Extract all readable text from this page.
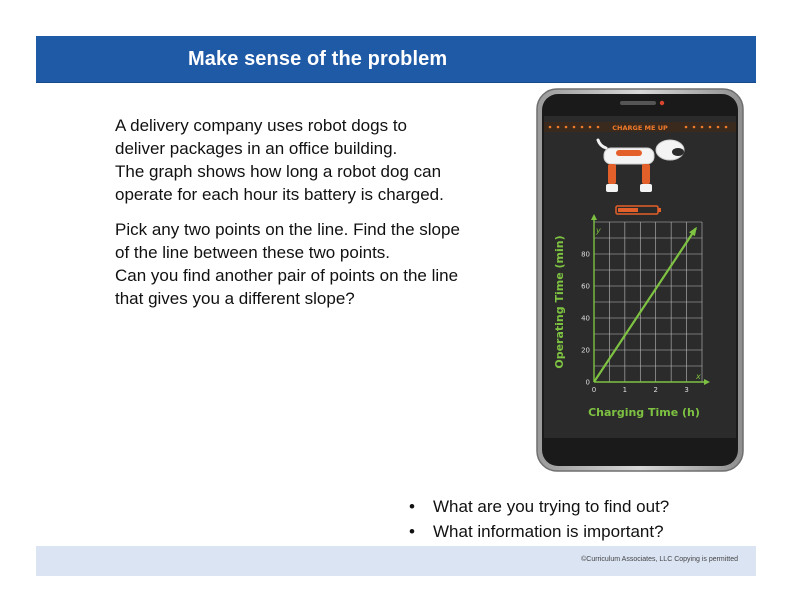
Make sense of the problem

A delivery company uses robot dogs to
deliver packages in an office building.
The graph shows how long a robot dog can
operate for each hour its battery is charged.

Pick any two points on the line. Find the slope
of the line between these two points.
Can you find another pair of points on the line
that gives you a different slope?

CHARGE ME UP
0	1	2	3
0
20
40
60
80
x
y
Charging Time (h)
Operating Time (min)
• What are you trying to find out?
• What information is important?
©Curriculum Associates, LLC Copying is permitted
